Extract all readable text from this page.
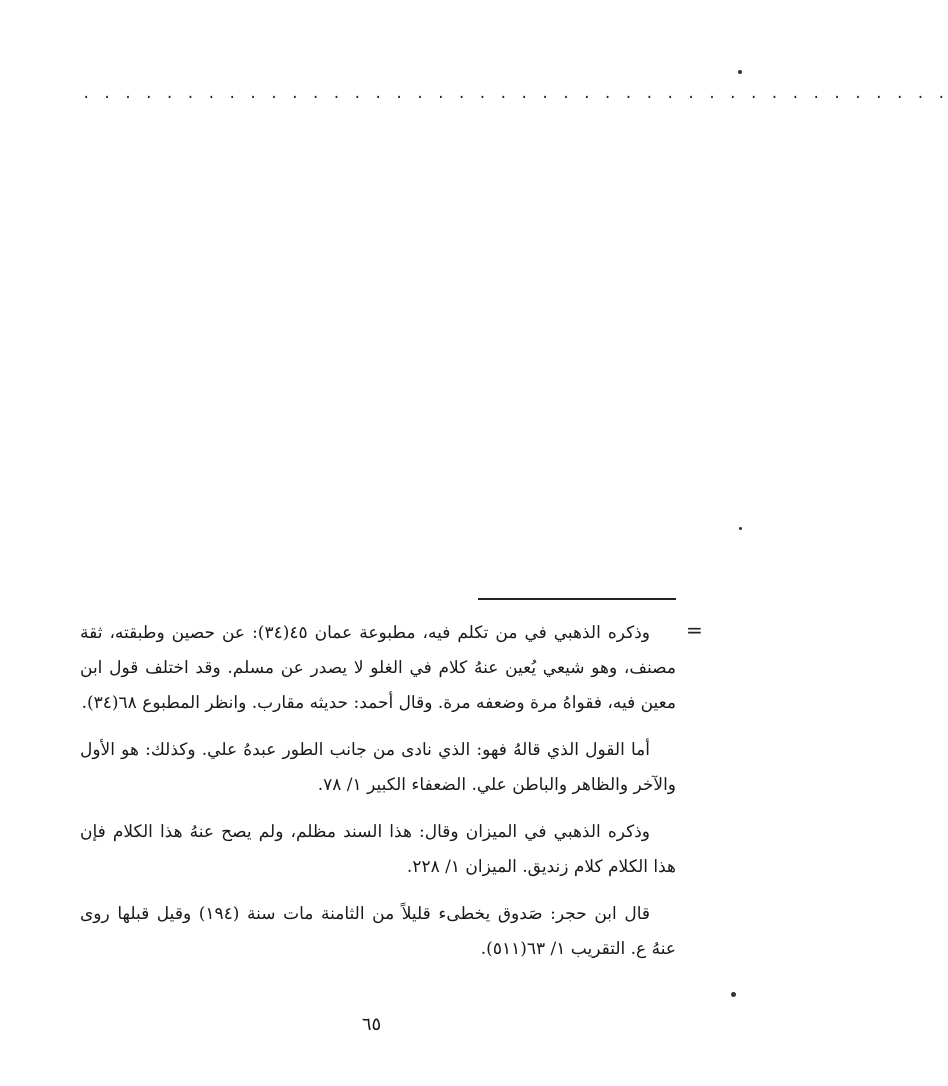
. . . . . . . . . . . . . . . . . . . . . . . . . . . . . . . . . . . . . . . . . .
=

وذكره الذهبي في من تكلم فيه، مطبوعة عمان ٤٥(٣٤): عن حصين وطبقته، ثقة مصنف، وهو شيعي يُعين عنهُ كلام في الغلو لا يصدر عن مسلم. وقد اختلف قول ابن معين فيه، فقواهُ مرة وضعفه مرة. وقال أحمد: حديثه مقارب. وانظر المطبوع ٦٨(٣٤).

أما القول الذي قالهُ فهو: الذي نادى من جانب الطور عبدهُ علي. وكذلك: هو الأول والآخر والظاهر والباطن علي. الضعفاء الكبير ١/ ٧٨.

وذكره الذهبي في الميزان وقال: هذا السند مظلم، ولم يصح عنهُ هذا الكلام فإن هذا الكلام كلام زنديق. الميزان ١/ ٢٢٨.

قال ابن حجر: صَدوق يخطىء قليلاً من الثامنة مات سنة (١٩٤) وقيل قبلها روى عنهُ ع. التقريب ١/ ٦٣(٥١١).

٦٥
